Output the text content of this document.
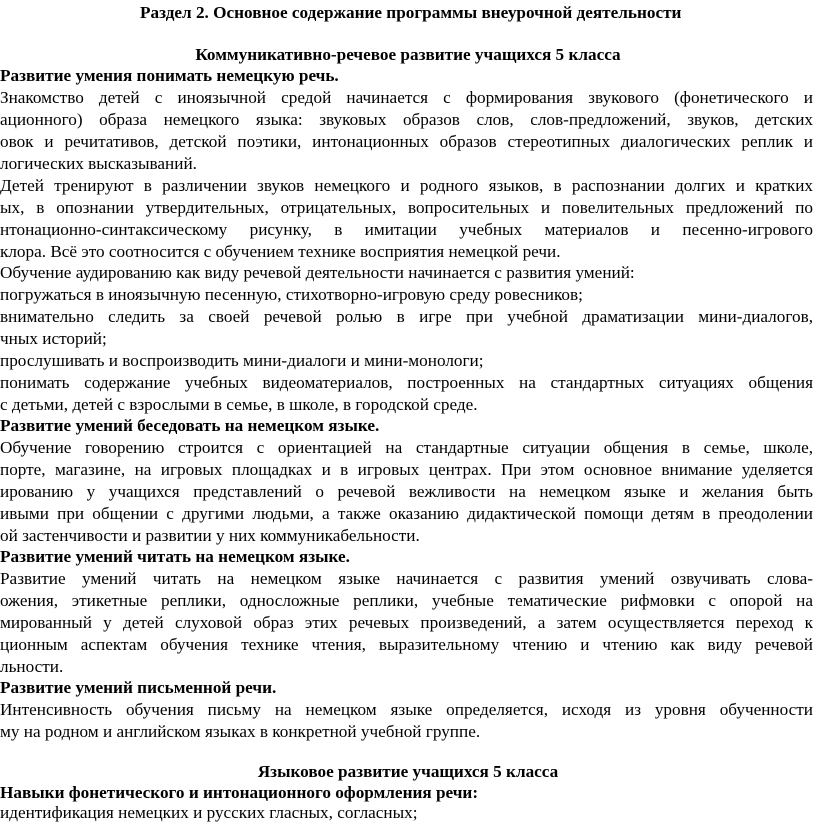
Раздел 2. Основное содержание программы внеурочной деятельности
Коммуникативно-речевое развитие учащихся 5 класса
Развитие умения понимать немецкую речь.
Знакомство детей с иноязычной средой начинается с формирования звукового (фонетического и
ационного) образа немецкого языка: звуковых образов слов, слов-предложений, звуков, детских
овок и речитативов, детской поэтики, интонационных образов стереотипных диалогических реплик и
логических высказываний.
Детей тренируют в различении звуков немецкого и родного языков, в распознании долгих и кратких
ых, в опознании утвердительных, отрицательных, вопросительных и повелительных предложений по
нтонационно-синтаксическому рисунку, в имитации учебных материалов и песенно-игрового
клора. Всё это соотносится с обучением технике восприятия немецкой речи.
Обучение аудированию как виду речевой деятельности начинается с развития умений:
погружаться в иноязычную песенную, стихотворно-игровую среду ровесников;
внимательно следить за своей речевой ролью в игре при учебной драматизации мини-диалогов,
чных историй;
прослушивать и воспроизводить мини-диалоги и мини-монологи;
понимать содержание учебных видеоматериалов, построенных на стандартных ситуациях общения
с детьми, детей с взрослыми в семье, в школе, в городской среде.
Развитие умений беседовать на немецком языке.
Обучение говорению строится с ориентацией на стандартные ситуации общения в семье, школе,
порте, магазине, на игровых площадках и в игровых центрах. При этом основное внимание уделяется
ированию у учащихся представлений о речевой вежливости на немецком языке и желания быть
ивыми при общении с другими людьми, а также оказанию дидактической помощи детям в преодолении
ой застенчивости и развитии у них коммуникабельности.
Развитие умений читать на немецком языке.
Развитие умений читать на немецком языке начинается с развития умений озвучивать слова-
ожения, этикетные реплики, односложные реплики, учебные тематические рифмовки с опорой на
мированный у детей слуховой образ этих речевых произведений, а затем осуществляется переход к
ционным аспектам обучения технике чтения, выразительному чтению и чтению как виду речевой
льности.
Развитие умений письменной речи.
Интенсивность обучения письму на немецком языке определяется, исходя из уровня обученности
му на родном и английском языках в конкретной учебной группе.
Языковое развитие учащихся 5 класса
Навыки фонетического и интонационного оформления речи:
идентификация немецких и русских гласных, согласных;
